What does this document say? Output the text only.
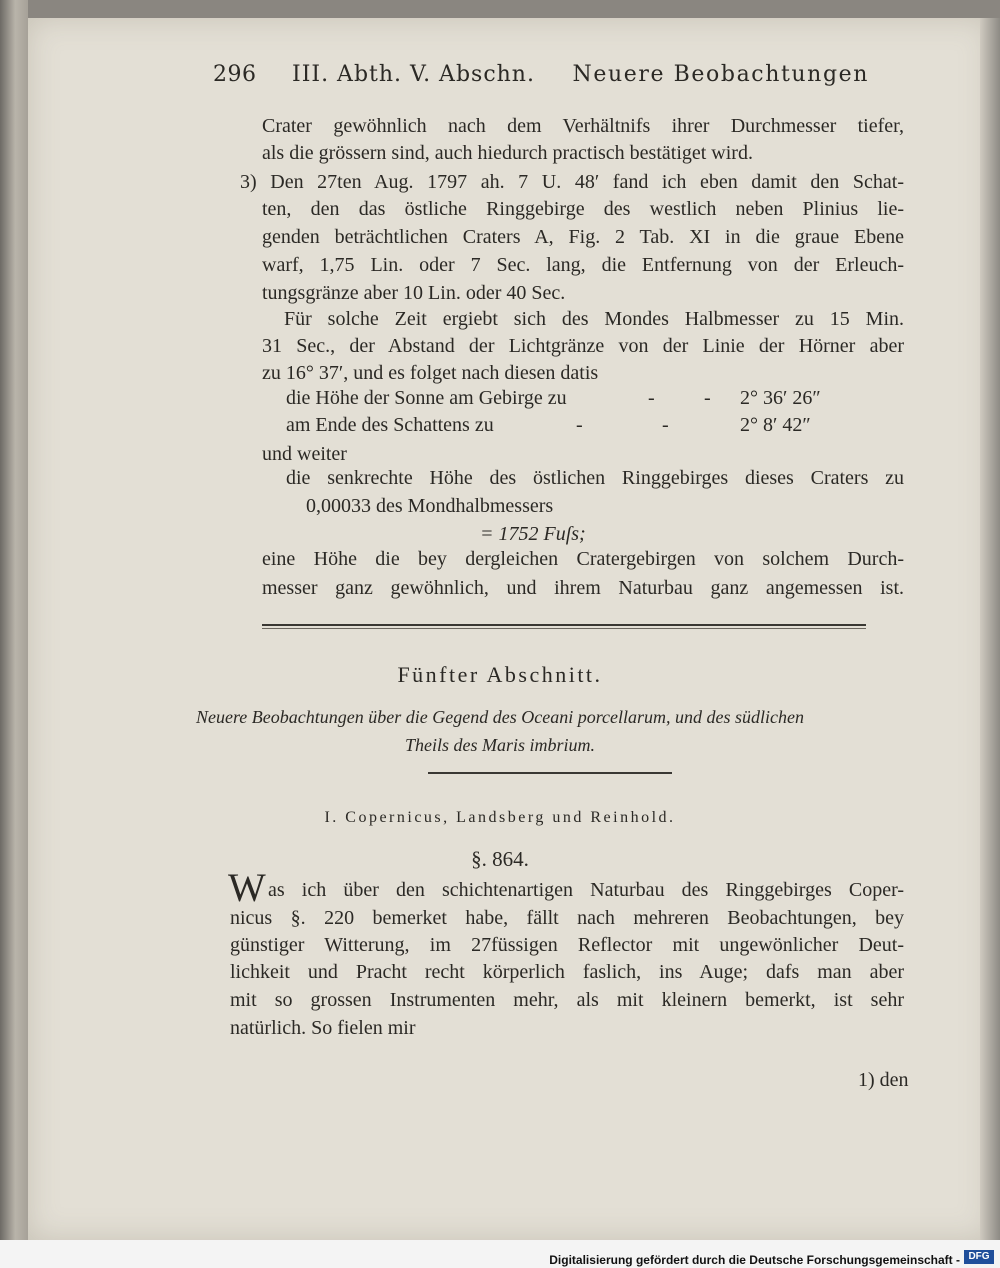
296 III. Abth. V. Abschn. Neuere Beobachtungen
Crater gewöhnlich nach dem Verhältnifs ihrer Durchmesser tiefer,
als die grössern sind, auch hiedurch practisch bestätiget wird.
3) Den 27ten Aug. 1797 ah. 7 U. 48′ fand ich eben damit den Schat-
ten, den das östliche Ringgebirge des westlich neben Plinius lie-
genden beträchtlichen Craters A, Fig. 2 Tab. XI in die graue Ebene
warf, 1,75 Lin. oder 7 Sec. lang, die Entfernung von der Erleuch-
tungsgränze aber 10 Lin. oder 40 Sec.
Für solche Zeit ergiebt sich des Mondes Halbmesser zu 15 Min.
31 Sec., der Abstand der Lichtgränze von der Linie der Hörner aber
zu 16° 37′, und es folget nach diesen datis
die Höhe der Sonne am Gebirge zu	- - 2° 36′ 26″
am Ende des Schattens zu	-	-	2° 8′ 42″
und weiter
die senkrechte Höhe des östlichen Ringgebirges dieses Craters zu
0,00033 des Mondhalbmessers
= 1752 Fuſs;
eine Höhe die bey dergleichen Cratergebirgen von solchem Durch-
messer ganz gewöhnlich, und ihrem Naturbau ganz angemessen ist.
Fünfter Abschnitt.
Neuere Beobachtungen über die Gegend des Oceani porcellarum, und des südlichen
Theils des Maris imbrium.
I. Copernicus, Landsberg und Reinhold.
§. 864.
W as ich über den schichtenartigen Naturbau des Ringgebirges Coper-
nicus §. 220 bemerket habe, fällt nach mehreren Beobachtungen, bey
günstiger Witterung, im 27füssigen Reflector mit ungewönlicher Deut-
lichkeit und Pracht recht körperlich faslich, ins Auge; dafs man aber
mit so grossen Instrumenten mehr, als mit kleinern bemerkt, ist sehr
natürlich. So fielen mir
1) den
Digitalisierung gefördert durch die Deutsche Forschungsgemeinschaft - DFG
